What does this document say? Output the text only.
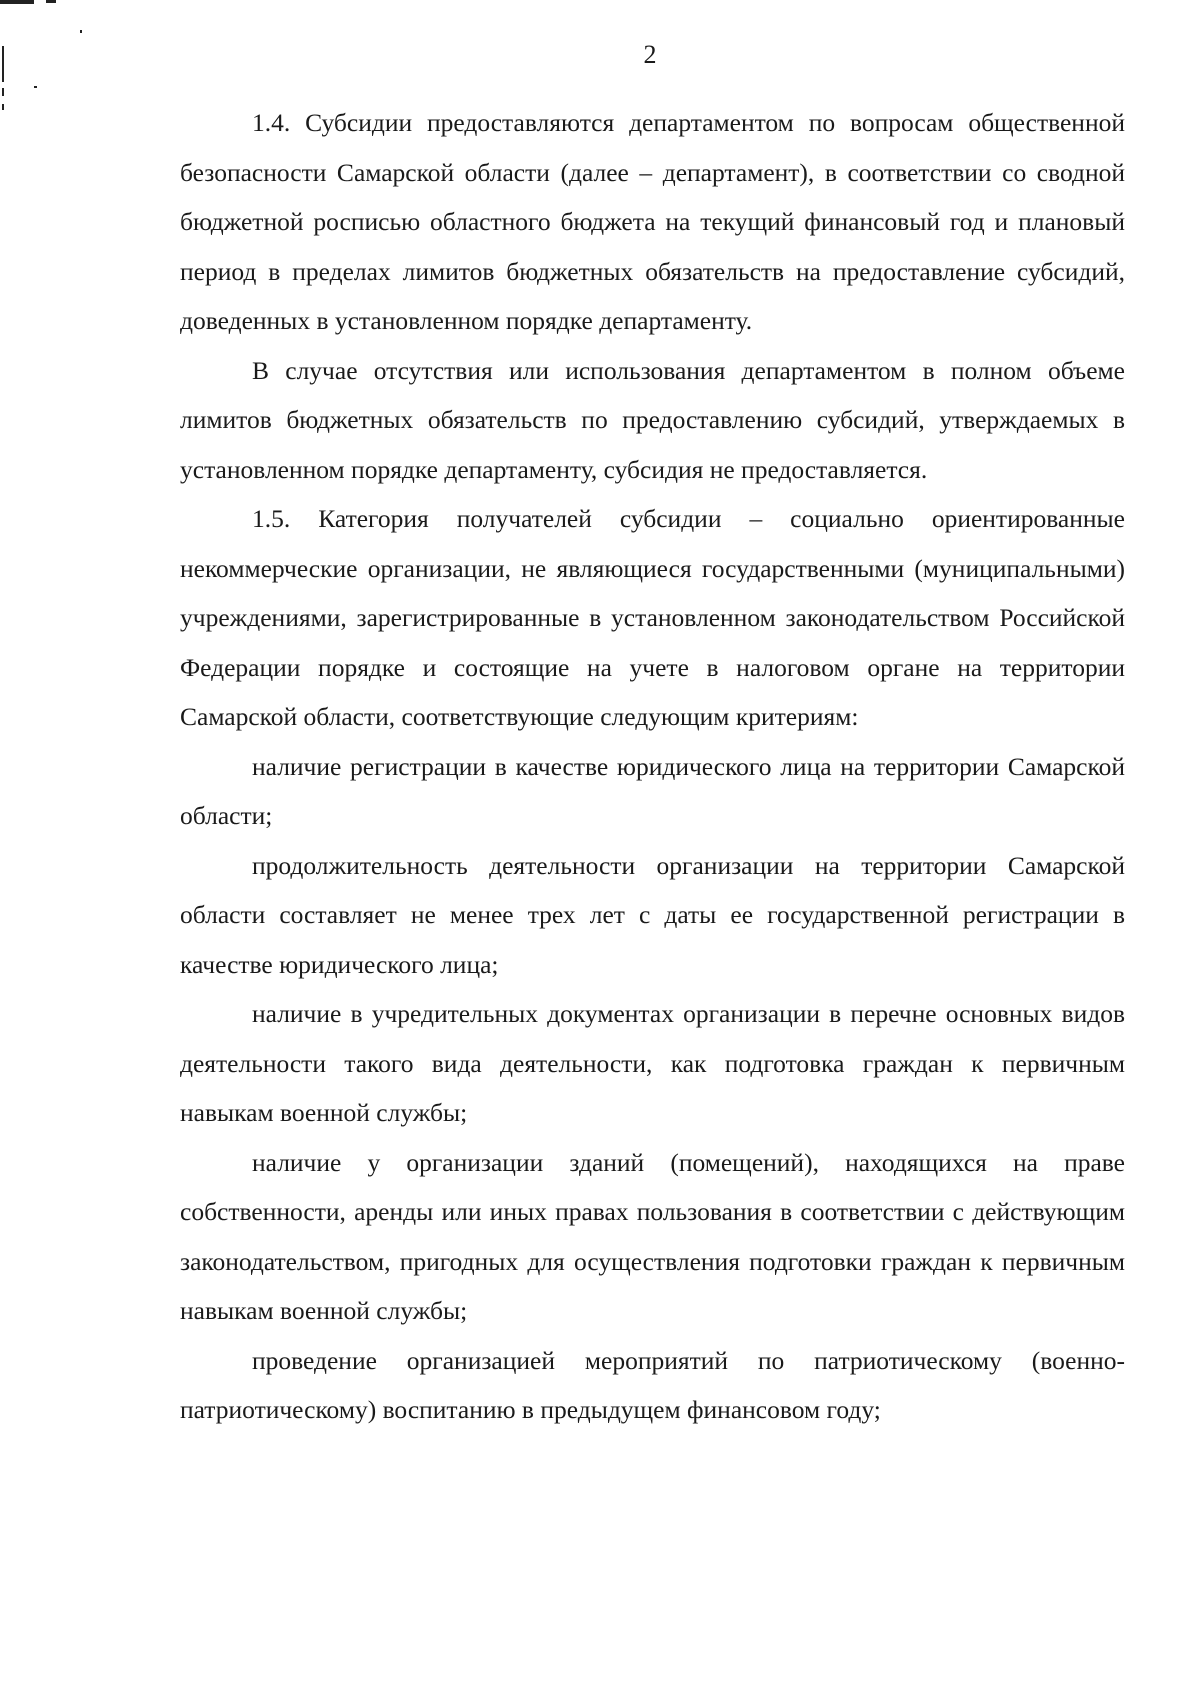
2

1.4. Субсидии предоставляются департаментом по вопросам общественной безопасности Самарской области (далее – департамент), в соответствии со сводной бюджетной росписью областного бюджета на текущий финансовый год и плановый период в пределах лимитов бюджетных обязательств на предоставление субсидий, доведенных в установленном порядке департаменту.

В случае отсутствия или использования департаментом в полном объеме лимитов бюджетных обязательств по предоставлению субсидий, утверждаемых в установленном порядке департаменту, субсидия не предоставляется.

1.5. Категория получателей субсидии – социально ориентированные некоммерческие организации, не являющиеся государственными (муниципальными) учреждениями, зарегистрированные в установленном законодательством Российской Федерации порядке и состоящие на учете в налоговом органе на территории Самарской области, соответствующие следующим критериям:

наличие регистрации в качестве юридического лица на территории Самарской области;

продолжительность деятельности организации на территории Самарской области составляет не менее трех лет с даты ее государственной регистрации в качестве юридического лица;

наличие в учредительных документах организации в перечне основных видов деятельности такого вида деятельности, как подготовка граждан к первичным навыкам военной службы;

наличие у организации зданий (помещений), находящихся на праве собственности, аренды или иных правах пользования в соответствии с действующим законодательством, пригодных для осуществления подготовки граждан к первичным навыкам военной службы;

проведение организацией мероприятий по патриотическому (военно-патриотическому) воспитанию в предыдущем финансовом году;
